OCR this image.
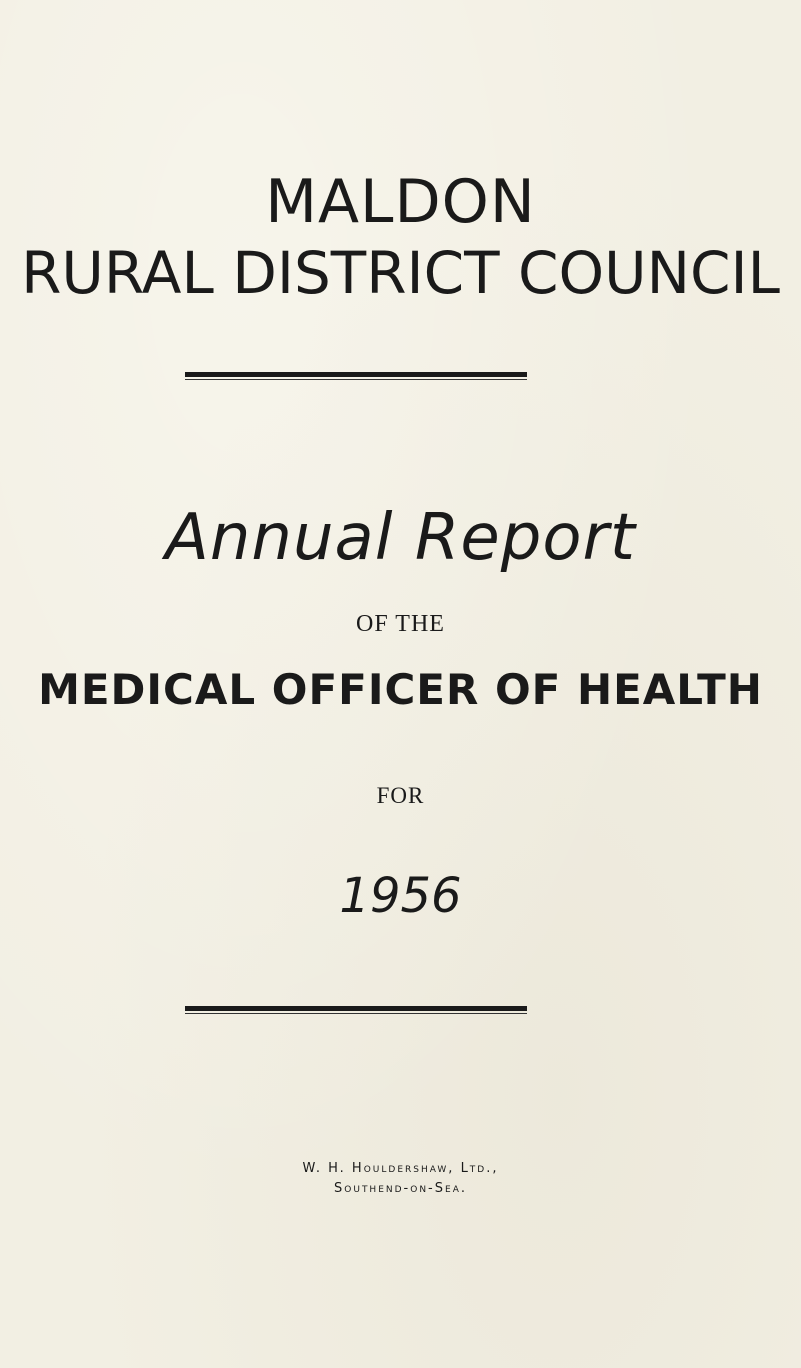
MALDON
RURAL DISTRICT COUNCIL
Annual Report
OF THE
MEDICAL OFFICER OF HEALTH
FOR
1956
W. H. Houldershaw, Ltd.,
Southend-on-Sea.
